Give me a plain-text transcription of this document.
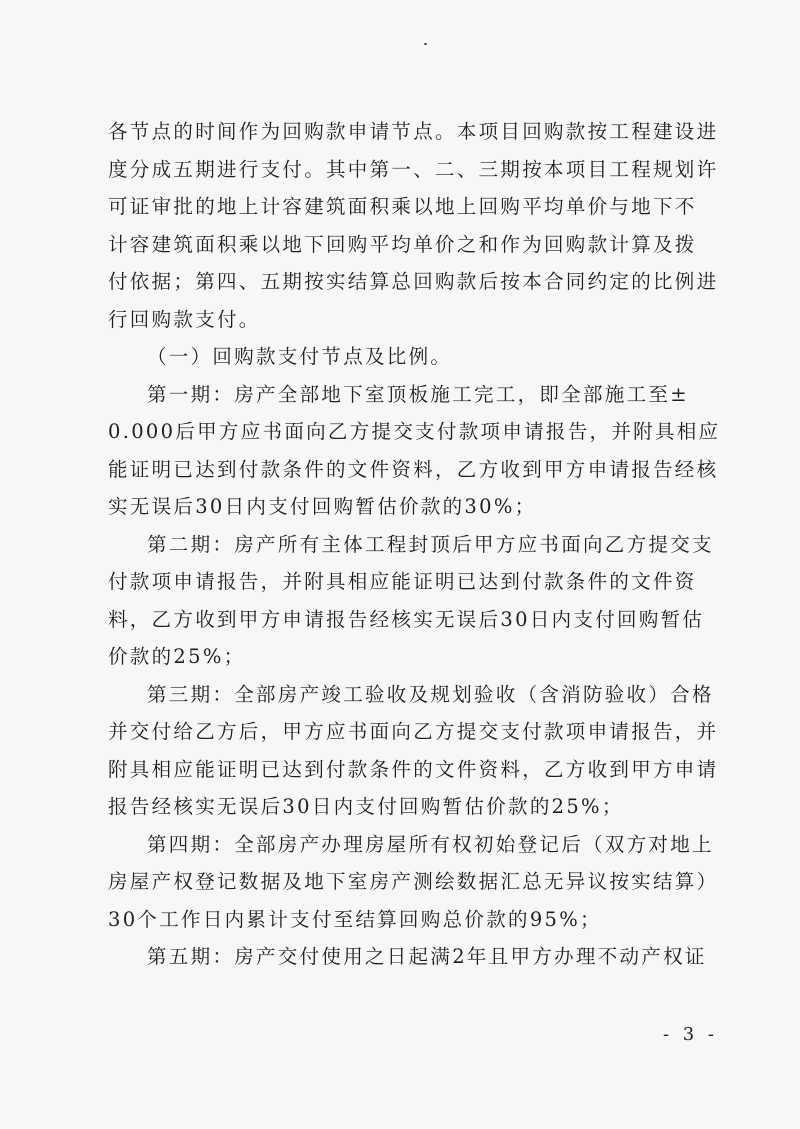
各节点的时间作为回购款申请节点。本项目回购款按工程建设进
度分成五期进行支付。其中第一、二、三期按本项目工程规划许
可证审批的地上计容建筑面积乘以地上回购平均单价与地下不
计容建筑面积乘以地下回购平均单价之和作为回购款计算及拨
付依据；第四、五期按实结算总回购款后按本合同约定的比例进
行回购款支付。
（一）回购款支付节点及比例。
第一期：房产全部地下室顶板施工完工，即全部施工至±
0.000后甲方应书面向乙方提交支付款项申请报告，并附具相应
能证明已达到付款条件的文件资料，乙方收到甲方申请报告经核
实无误后30日内支付回购暂估价款的30%；
第二期：房产所有主体工程封顶后甲方应书面向乙方提交支
付款项申请报告，并附具相应能证明已达到付款条件的文件资
料，乙方收到甲方申请报告经核实无误后30日内支付回购暂估
价款的25%；
第三期：全部房产竣工验收及规划验收（含消防验收）合格
并交付给乙方后，甲方应书面向乙方提交支付款项申请报告，并
附具相应能证明已达到付款条件的文件资料，乙方收到甲方申请
报告经核实无误后30日内支付回购暂估价款的25%；
第四期：全部房产办理房屋所有权初始登记后（双方对地上
房屋产权登记数据及地下室房产测绘数据汇总无异议按实结算）
30个工作日内累计支付至结算回购总价款的95%；
第五期：房产交付使用之日起满2年且甲方办理不动产权证
- 3 -
